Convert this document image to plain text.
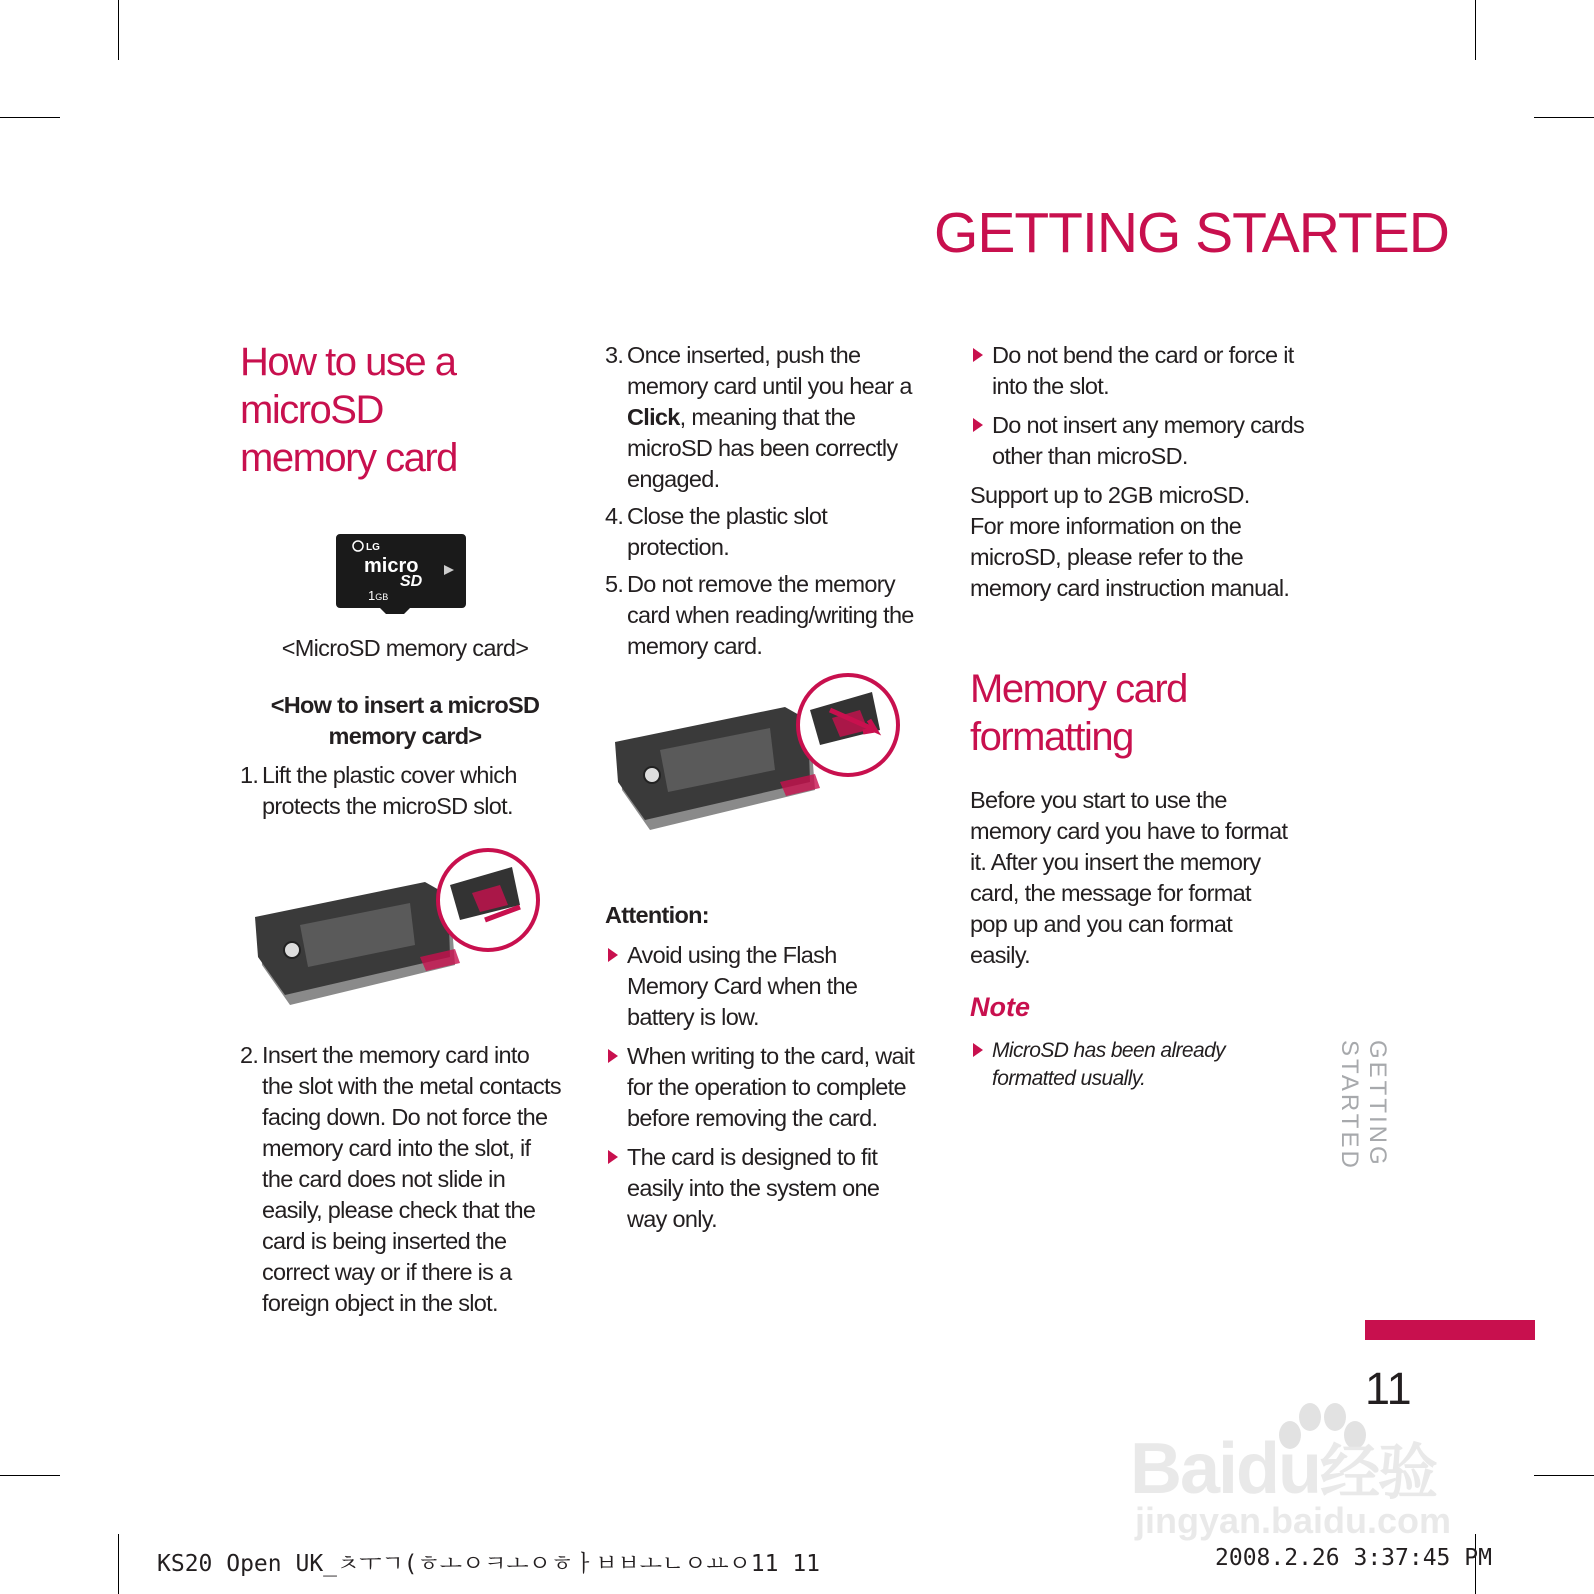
GETTING STARTED
How to use a
microSD
memory card
LG
micro
SD
1GB
<MicroSD memory card>
<How to insert a microSD
memory card>
1. Lift the plastic cover which protects the microSD slot.
2. Insert the memory card into the slot with the metal contacts facing down. Do not force the memory card into the slot, if the card does not slide in easily, please check that the card is being inserted the correct way or if there is a foreign object in the slot.
3. Once inserted, push the memory card until you hear a Click, meaning that the microSD has been correctly engaged.
4. Close the plastic slot protection.
5. Do not remove the memory card when reading/writing the memory card.
Attention:
Avoid using the Flash Memory Card when the battery is low.
When writing to the card, wait for the operation to complete before removing the card.
The card is designed to fit easily into the system one way only.
Do not bend the card or force it into the slot.
Do not insert any memory cards other than microSD.
Support up to 2GB microSD.
For more information on the
microSD, please refer to the
memory card instruction manual.
Memory card
formatting
Before you start to use the memory card you have to format it. After you insert the memory card, the message for format pop up and you can format easily.
Note
MicroSD has been already formatted usually.	GETTING STARTED
11
Baidu经验
jingyan.baidu.com
KS20 Open UK_ㅊㅜㄱ(ㅎㅗㅇㅋㅗㅇㅎㅏㅂㅂㅗㄴㅇㅛㅇ11 11	2008.2.26 3:37:45 PM
